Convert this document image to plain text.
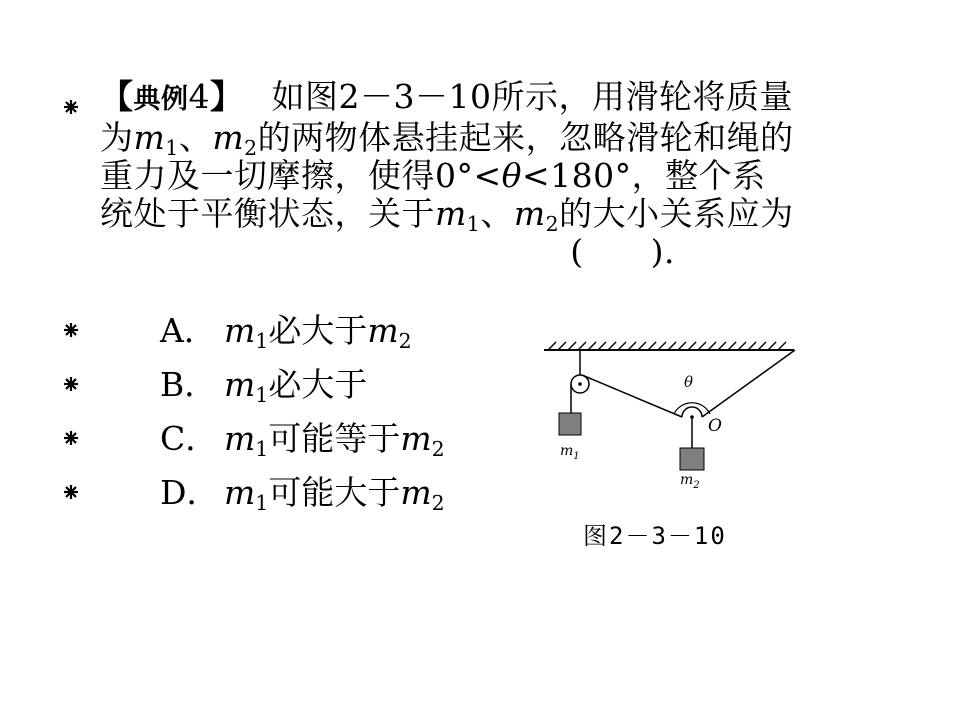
【典例4】 如图2－3－10所示，用滑轮将质量
为$m_1$、$m_2$的两物体悬挂起来，忽略滑轮和绳的
重力及一切摩擦，使得0°<θ<180°，整个系
统处于平衡状态，关于$m_1$、$m_2$的大小关系应为
(　　).
A． $m_1$必大于$m_2$
B． $m_1$必大于
C． $m_1$可能等于$m_2$
D． $m_1$可能大于$m_2$
θ
O
$m_1$
$m_2$
图2－3－10
